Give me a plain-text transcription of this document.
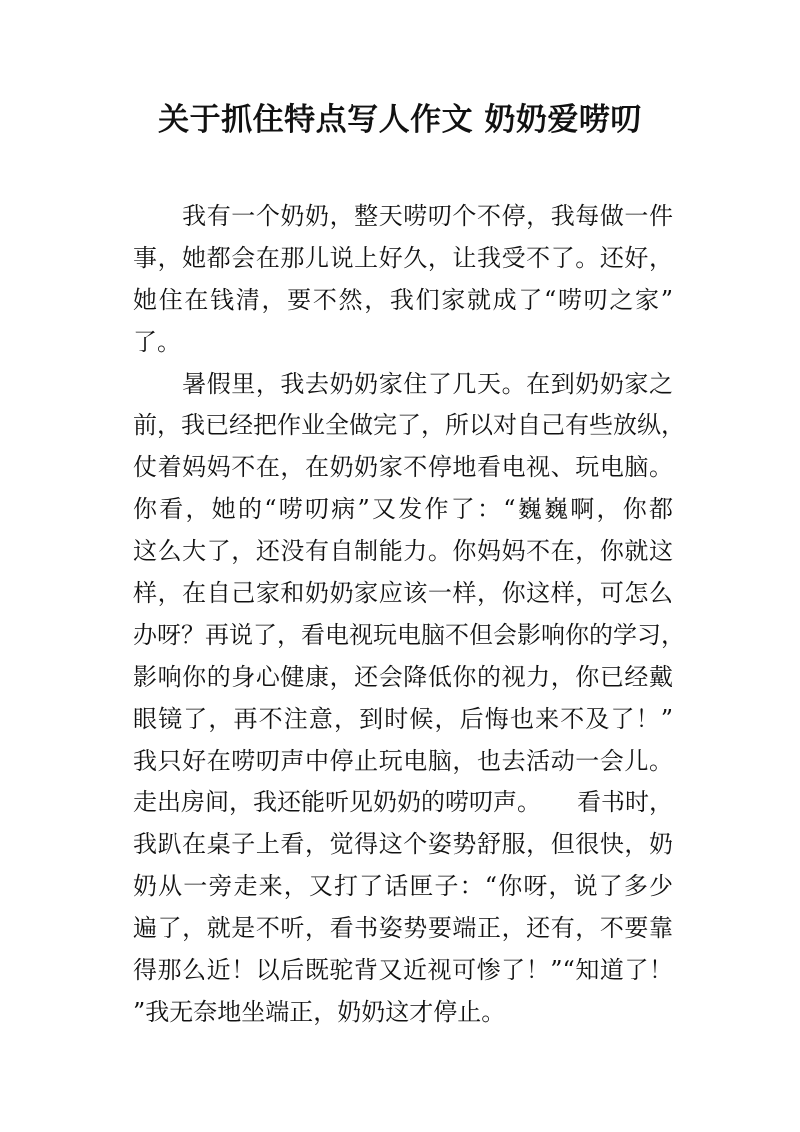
关于抓住特点写人作文 奶奶爱唠叨
　　我有一个奶奶，整天唠叨个不停，我每做一件
事，她都会在那儿说上好久，让我受不了。还好，
她住在钱清，要不然，我们家就成了“唠叨之家”
了。
　　暑假里，我去奶奶家住了几天。在到奶奶家之
前，我已经把作业全做完了，所以对自己有些放纵，
仗着妈妈不在，在奶奶家不停地看电视、玩电脑。
你看，她的“唠叨病”又发作了：“巍巍啊，你都
这么大了，还没有自制能力。你妈妈不在，你就这
样，在自己家和奶奶家应该一样，你这样，可怎么
办呀？再说了，看电视玩电脑不但会影响你的学习，
影响你的身心健康，还会降低你的视力，你已经戴
眼镜了，再不注意，到时候，后悔也来不及了！”
我只好在唠叨声中停止玩电脑，也去活动一会儿。
走出房间，我还能听见奶奶的唠叨声。　　看书时，
我趴在桌子上看，觉得这个姿势舒服，但很快，奶
奶从一旁走来，又打了话匣子：“你呀，说了多少
遍了，就是不听，看书姿势要端正，还有，不要靠
得那么近！以后既驼背又近视可惨了！”“知道了！
”我无奈地坐端正，奶奶这才停止。
